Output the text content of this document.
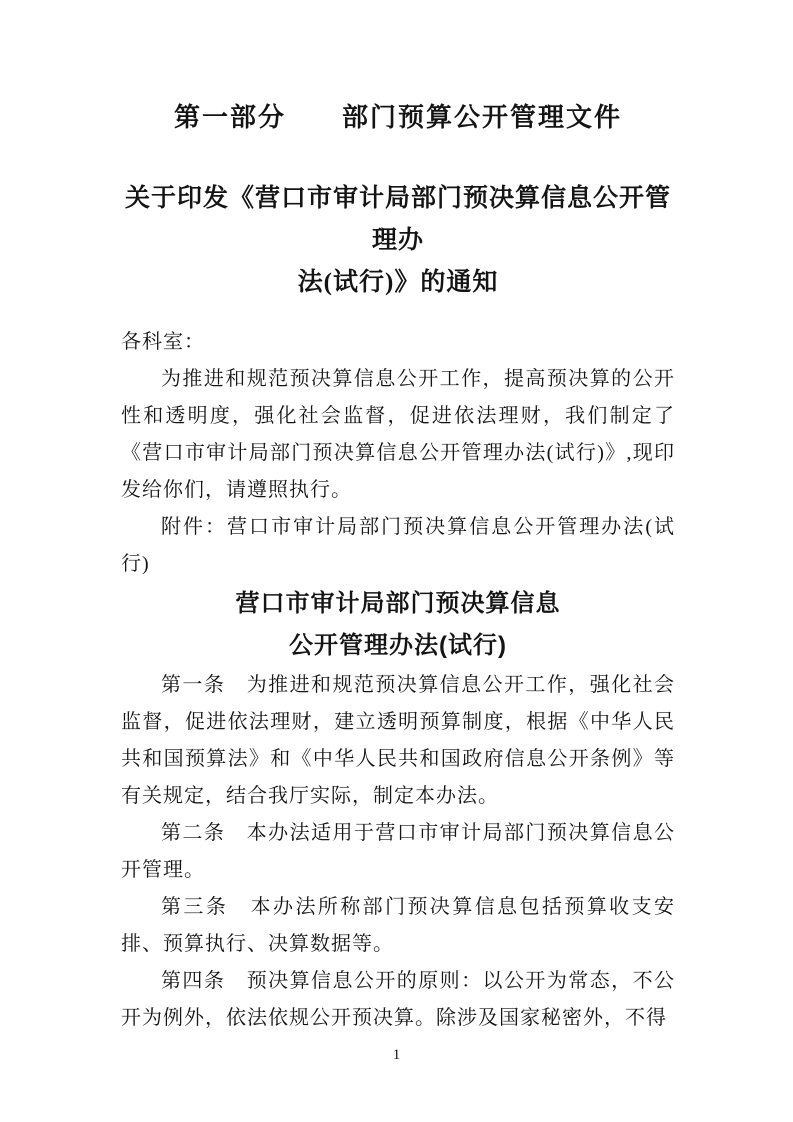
第一部分　　部门预算公开管理文件
关于印发《营口市审计局部门预决算信息公开管理办
法(试行)》的通知

各科室：

为推进和规范预决算信息公开工作，提高预决算的公开性和透明度，强化社会监督，促进依法理财，我们制定了《营口市审计局部门预决算信息公开管理办法(试行)》,现印发给你们，请遵照执行。

附件：营口市审计局部门预决算信息公开管理办法(试行)

营口市审计局部门预决算信息
公开管理办法(试行)

第一条　为推进和规范预决算信息公开工作，强化社会监督，促进依法理财，建立透明预算制度，根据《中华人民共和国预算法》和《中华人民共和国政府信息公开条例》等有关规定，结合我厅实际，制定本办法。

第二条　本办法适用于营口市审计局部门预决算信息公开管理。

第三条　本办法所称部门预决算信息包括预算收支安排、预算执行、决算数据等。

第四条　预决算信息公开的原则：以公开为常态，不公开为例外，依法依规公开预决算。除涉及国家秘密外，不得

1
